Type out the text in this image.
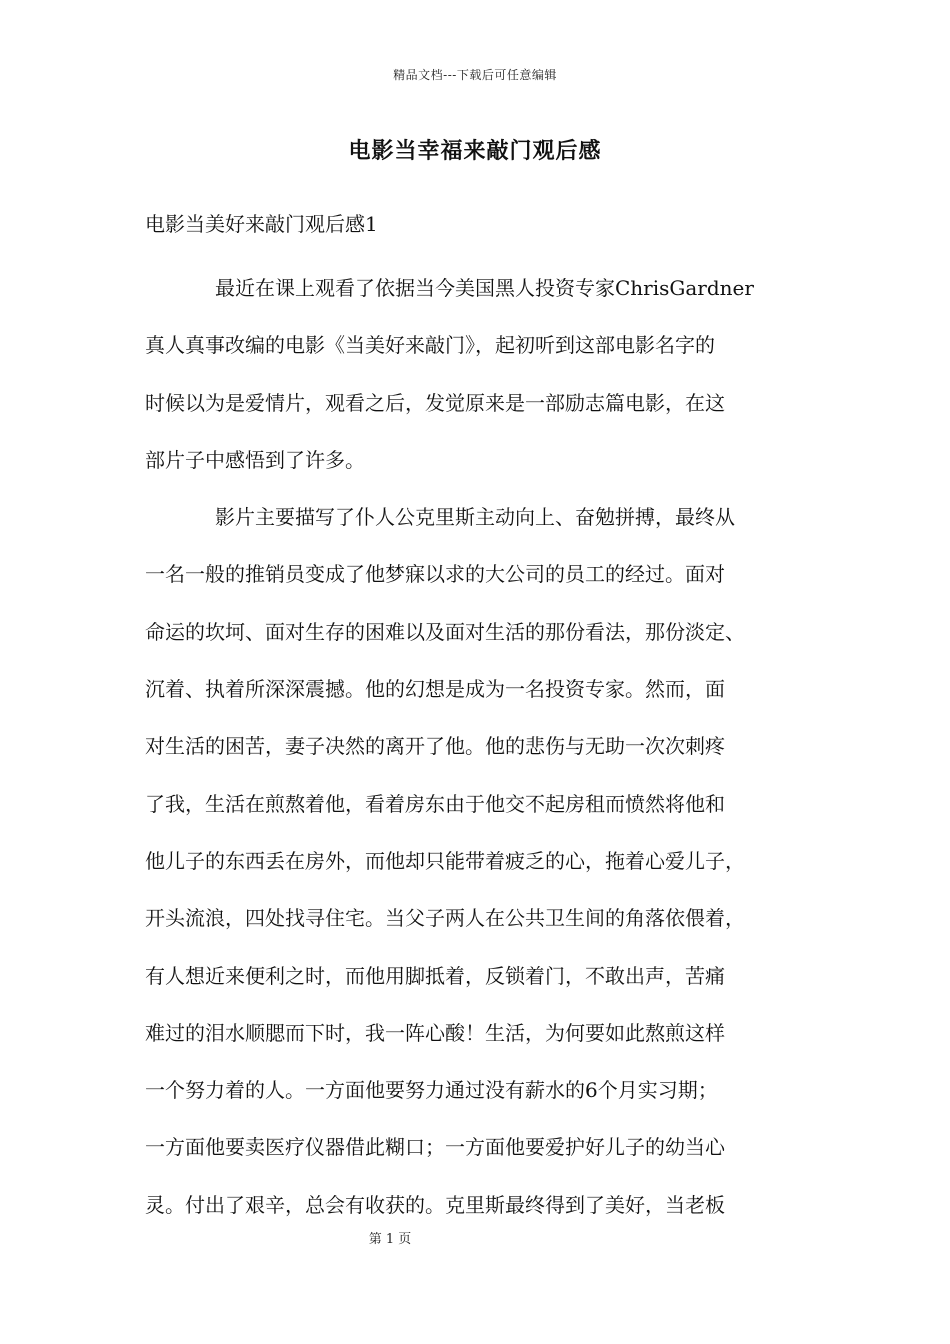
精品文档---下载后可任意编辑
电影当幸福来敲门观后感
电影当美好来敲门观后感1
最近在课上观看了依据当今美国黑人投资专家ChrisGardner
真人真事改编的电影《当美好来敲门》，起初听到这部电影名字的
时候以为是爱情片，观看之后，发觉原来是一部励志篇电影，在这
部片子中感悟到了许多。
影片主要描写了仆人公克里斯主动向上、奋勉拼搏，最终从
一名一般的推销员变成了他梦寐以求的大公司的员工的经过。面对
命运的坎坷、面对生存的困难以及面对生活的那份看法，那份淡定、
沉着、执着所深深震撼。他的幻想是成为一名投资专家。然而，面
对生活的困苦，妻子决然的离开了他。他的悲伤与无助一次次刺疼
了我，生活在煎熬着他，看着房东由于他交不起房租而愤然将他和
他儿子的东西丢在房外，而他却只能带着疲乏的心，拖着心爱儿子，
开头流浪，四处找寻住宅。当父子两人在公共卫生间的角落依偎着，
有人想近来便利之时，而他用脚抵着，反锁着门，不敢出声，苦痛
难过的泪水顺腮而下时，我一阵心酸！生活，为何要如此熬煎这样
一个努力着的人。一方面他要努力通过没有薪水的6个月实习期；
一方面他要卖医疗仪器借此糊口；一方面他要爱护好儿子的幼当心
灵。付出了艰辛，总会有收获的。克里斯最终得到了美好，当老板
第 1 页
